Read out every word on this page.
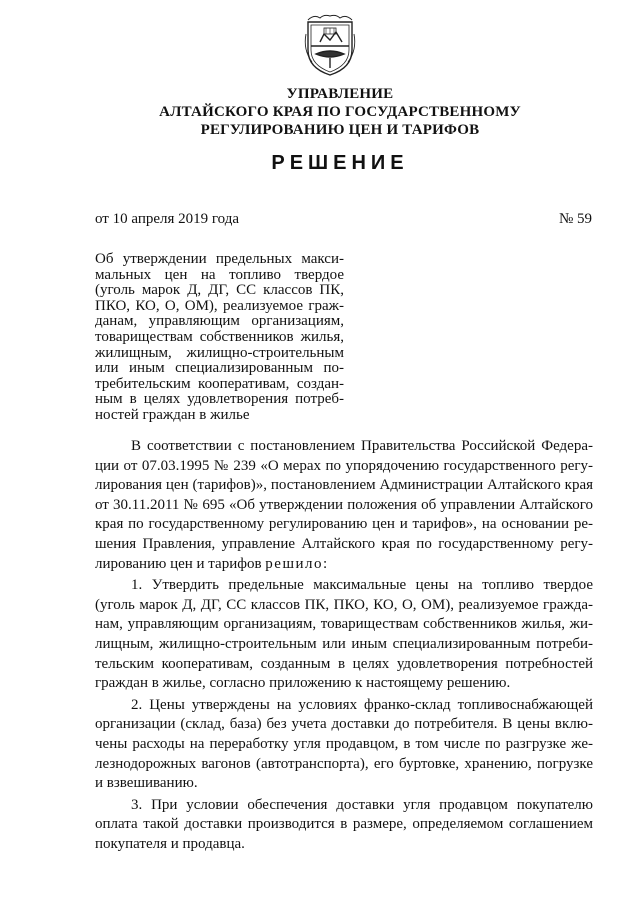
УПРАВЛЕНИЕ
АЛТАЙСКОГО КРАЯ ПО ГОСУДАРСТВЕННОМУ
РЕГУЛИРОВАНИЮ ЦЕН И ТАРИФОВ
РЕШЕНИЕ
от 10 апреля 2019 года	№ 59
Об утверждении предельных макси-
мальных цен на топливо твердое
(уголь марок Д, ДГ, СС классов ПК,
ПКО, КО, О, ОМ), реализуемое граж-
данам, управляющим организациям,
товариществам собственников жилья,
жилищным, жилищно-строительным
или иным специализированным по-
требительским кооперативам, создан-
ным в целях удовлетворения потреб-
ностей граждан в жилье
В соответствии с постановлением Правительства Российской Федера-
ции от 07.03.1995 № 239 «О мерах по упорядочению государственного регу-
лирования цен (тарифов)», постановлением Администрации Алтайского края
от 30.11.2011 № 695 «Об утверждении положения об управлении Алтайского
края по государственному регулированию цен и тарифов», на основании ре-
шения Правления, управление Алтайского края по государственному регу-
лированию цен и тарифов решило:
1. Утвердить предельные максимальные цены на топливо твердое
(уголь марок Д, ДГ, СС классов ПК, ПКО, КО, О, ОМ), реализуемое гражда-
нам, управляющим организациям, товариществам собственников жилья, жи-
лищным, жилищно-строительным или иным специализированным потреби-
тельским кооперативам, созданным в целях удовлетворения потребностей
граждан в жилье, согласно приложению к настоящему решению.
2. Цены утверждены на условиях франко-склад топливоснабжающей
организации (склад, база) без учета доставки до потребителя. В цены вклю-
чены расходы на переработку угля продавцом, в том числе по разгрузке же-
лезнодорожных вагонов (автотранспорта), его буртовке, хранению, погрузке
и взвешиванию.
3. При условии обеспечения доставки угля продавцом покупателю
оплата такой доставки производится в размере, определяемом соглашением
покупателя и продавца.
